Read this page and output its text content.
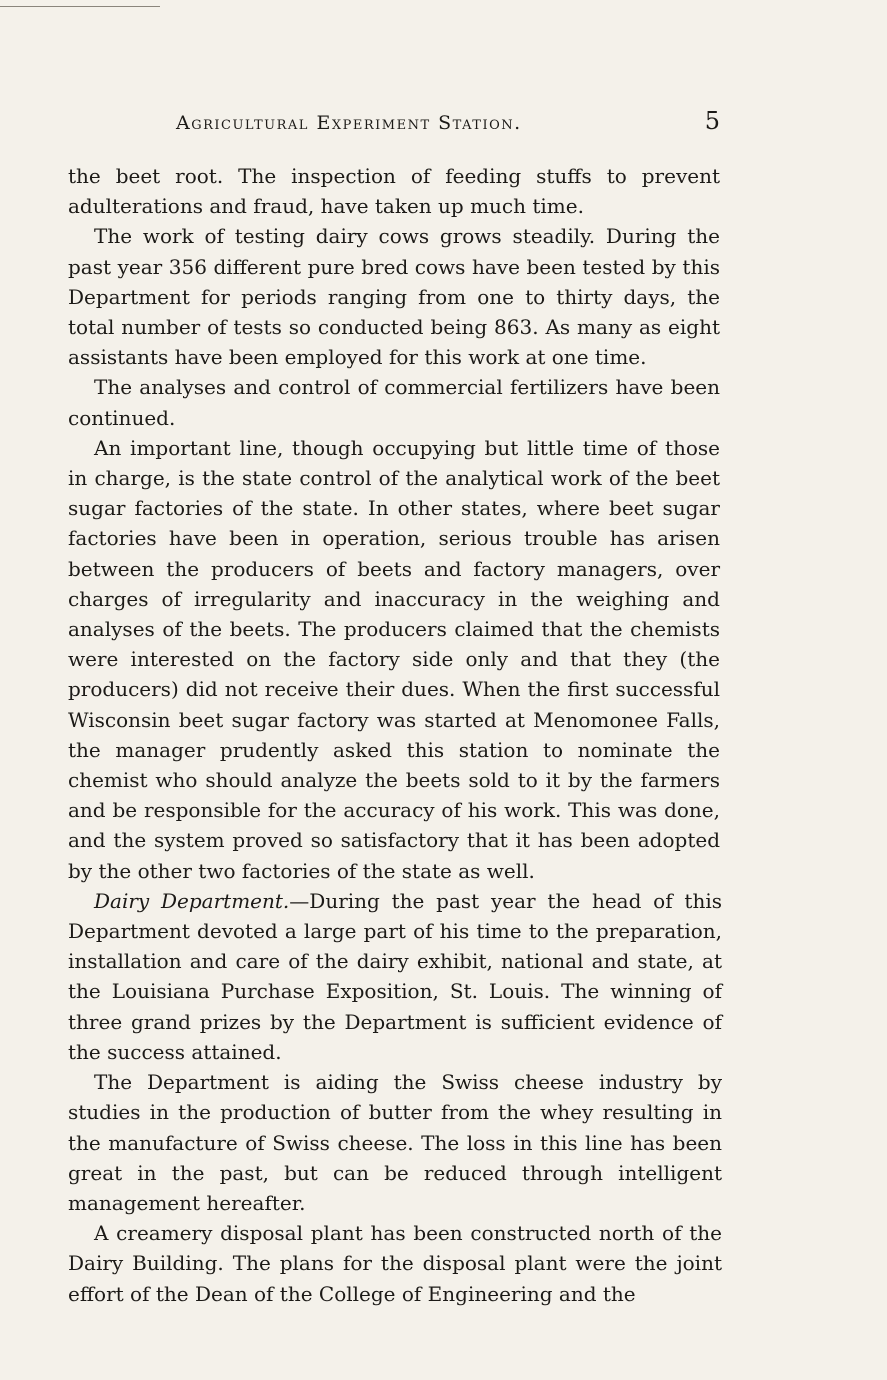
Agricultural Experiment Station.	5

the beet root. The inspection of feeding stuffs to prevent adulterations and fraud, have taken up much time.

The work of testing dairy cows grows steadily. During the past year 356 different pure bred cows have been tested by this Department for periods ranging from one to thirty days, the total number of tests so conducted being 863. As many as eight assistants have been employed for this work at one time.

The analyses and control of commercial fertilizers have been continued.

An important line, though occupying but little time of those in charge, is the state control of the analytical work of the beet sugar factories of the state. In other states, where beet sugar factories have been in operation, serious trouble has arisen between the producers of beets and factory managers, over charges of irregularity and inaccuracy in the weighing and analyses of the beets. The producers claimed that the chemists were interested on the factory side only and that they (the producers) did not receive their dues. When the first successful Wisconsin beet sugar factory was started at Menomonee Falls, the manager prudently asked this station to nominate the chemist who should analyze the beets sold to it by the farmers and be responsible for the accuracy of his work. This was done, and the system proved so satisfactory that it has been adopted by the other two factories of the state as well.

Dairy Department.—During the past year the head of this Department devoted a large part of his time to the preparation, installation and care of the dairy exhibit, national and state, at the Louisiana Purchase Exposition, St. Louis. The winning of three grand prizes by the Department is sufficient evidence of the success attained.

The Department is aiding the Swiss cheese industry by studies in the production of butter from the whey resulting in the manufacture of Swiss cheese. The loss in this line has been great in the past, but can be reduced through intelligent management hereafter.

A creamery disposal plant has been constructed north of the Dairy Building. The plans for the disposal plant were the joint effort of the Dean of the College of Engineering and the
